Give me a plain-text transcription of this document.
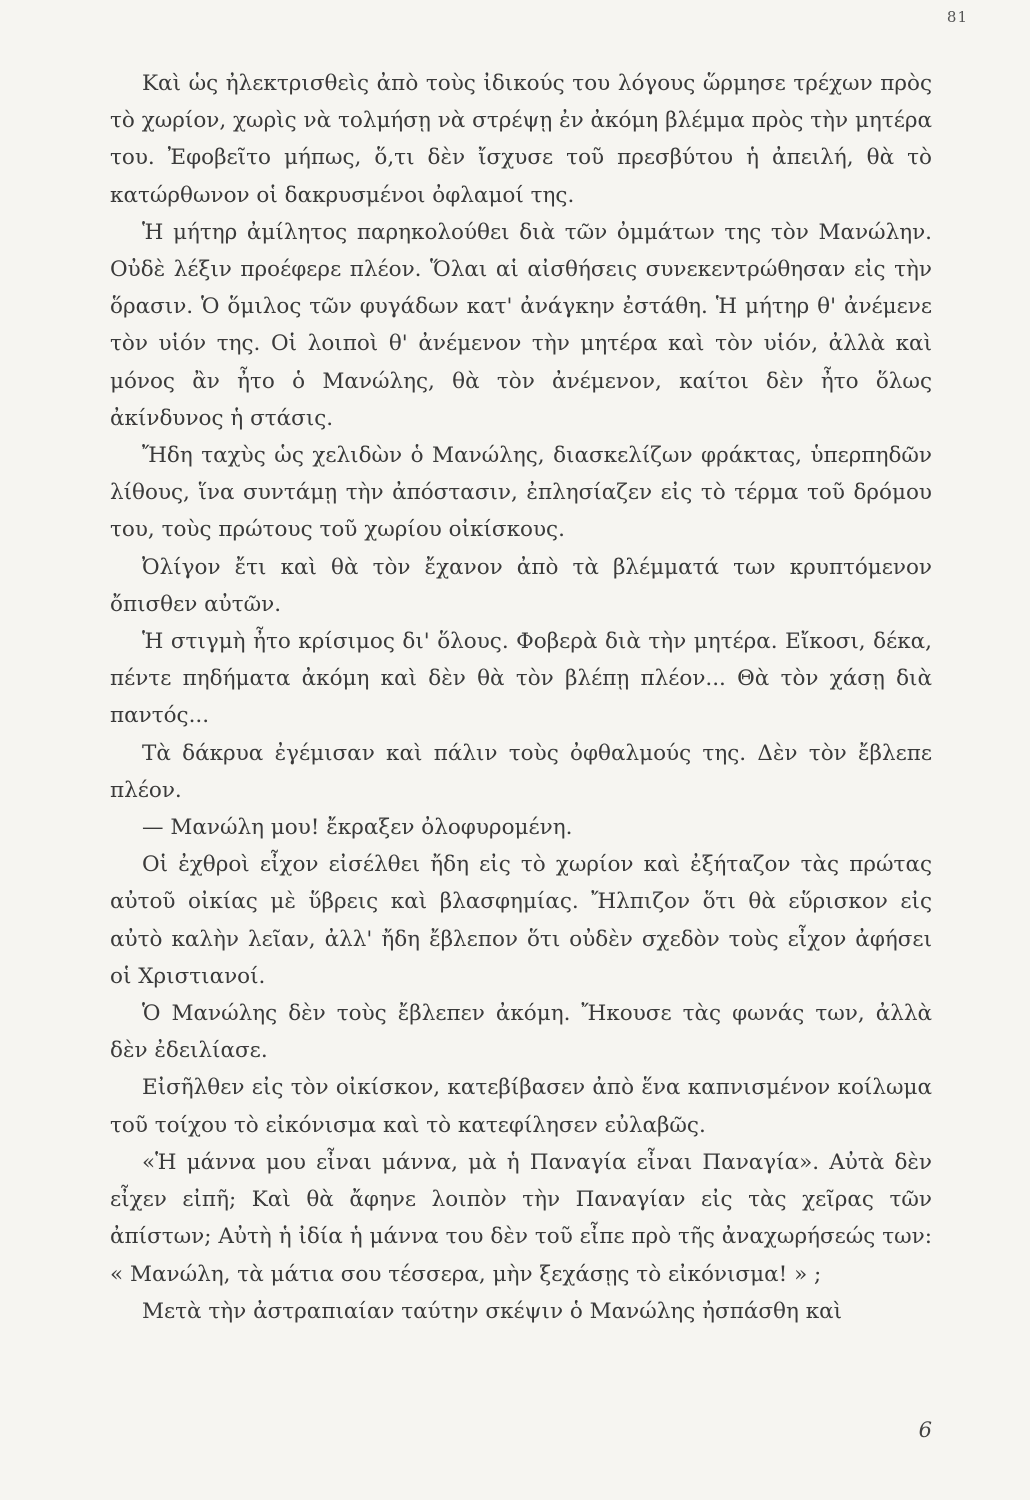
81

Καὶ ὡς ἠλεκτρισθεὶς ἀπὸ τοὺς ἰδικούς του λόγους ὥρμησε τρέχων πρὸς τὸ χωρίον, χωρὶς νὰ τολμήσῃ νὰ στρέψῃ ἐν ἀκόμη βλέμμα πρὸς τὴν μητέρα του. Ἐφοβεῖτο μήπως, ὅ,τι δὲν ἴσχυσε τοῦ πρεσβύτου ἡ ἀπειλή, θὰ τὸ κατώρθωνον οἱ δακρυσμένοι ὀφλαμοί της.

Ἡ μήτηρ ἀμίλητος παρηκολούθει διὰ τῶν ὀμμάτων της τὸν Μανώλην. Οὐδὲ λέξιν προέφερε πλέον. Ὅλαι αἱ αἰσθήσεις συνεκεντρώθησαν εἰς τὴν ὅρασιν. Ὁ ὅμιλος τῶν φυγάδων κατ' ἀνάγκην ἐστάθη. Ἡ μήτηρ θ' ἀνέμενε τὸν υἱόν της. Οἱ λοιποὶ θ' ἀνέμενον τὴν μητέρα καὶ τὸν υἱόν, ἀλλὰ καὶ μόνος ἂν ἦτο ὁ Μανώλης, θὰ τὸν ἀνέμενον, καίτοι δὲν ἦτο ὅλως ἀκίνδυνος ἡ στάσις.

Ἤδη ταχὺς ὡς χελιδὼν ὁ Μανώλης, διασκελίζων φράκτας, ὑπερπηδῶν λίθους, ἵνα συντάμῃ τὴν ἀπόστασιν, ἐπλησίαζεν εἰς τὸ τέρμα τοῦ δρόμου του, τοὺς πρώτους τοῦ χωρίου οἰκίσκους.

Ὀλίγον ἔτι καὶ θὰ τὸν ἔχανον ἀπὸ τὰ βλέμματά των κρυπτόμενον ὄπισθεν αὐτῶν.

Ἡ στιγμὴ ἦτο κρίσιμος δι' ὅλους. Φοβερὰ διὰ τὴν μητέρα. Εἴκοσι, δέκα, πέντε πηδήματα ἀκόμη καὶ δὲν θὰ τὸν βλέπῃ πλέον... Θὰ τὸν χάσῃ διὰ παντός...

Τὰ δάκρυα ἐγέμισαν καὶ πάλιν τοὺς ὀφθαλμούς της. Δὲν τὸν ἔβλεπε πλέον.

— Μανώλη μου! ἔκραξεν ὀλοφυρομένη.

Οἱ ἐχθροὶ εἶχον εἰσέλθει ἤδη εἰς τὸ χωρίον καὶ ἐξήταζον τὰς πρώτας αὐτοῦ οἰκίας μὲ ὕβρεις καὶ βλασφημίας. Ἤλπιζον ὅτι θὰ εὕρισκον εἰς αὐτὸ καλὴν λεῖαν, ἀλλ' ἤδη ἔβλεπον ὅτι οὐδὲν σχεδὸν τοὺς εἶχον ἀφήσει οἱ Χριστιανοί.

Ὁ Μανώλης δὲν τοὺς ἔβλεπεν ἀκόμη. Ἤκουσε τὰς φωνάς των, ἀλλὰ δὲν ἐδειλίασε.

Εἰσῆλθεν εἰς τὸν οἰκίσκον, κατεβίβασεν ἀπὸ ἕνα καπνισμένον κοίλωμα τοῦ τοίχου τὸ εἰκόνισμα καὶ τὸ κατεφίλησεν εὐλαβῶς.

«Ἡ μάννα μου εἶναι μάννα, μὰ ἡ Παναγία εἶναι Παναγία». Αὐτὰ δὲν εἶχεν εἰπῆ; Καὶ θὰ ἄφηνε λοιπὸν τὴν Παναγίαν εἰς τὰς χεῖρας τῶν ἀπίστων; Αὐτὴ ἡ ἰδία ἡ μάννα του δὲν τοῦ εἶπε πρὸ τῆς ἀναχωρήσεώς των: « Μανώλη, τὰ μάτια σου τέσσερα, μὴν ξεχάσῃς τὸ εἰκόνισμα! » ;

Μετὰ τὴν ἀστραπιαίαν ταύτην σκέψιν ὁ Μανώλης ἠσπάσθη καὶ

6
